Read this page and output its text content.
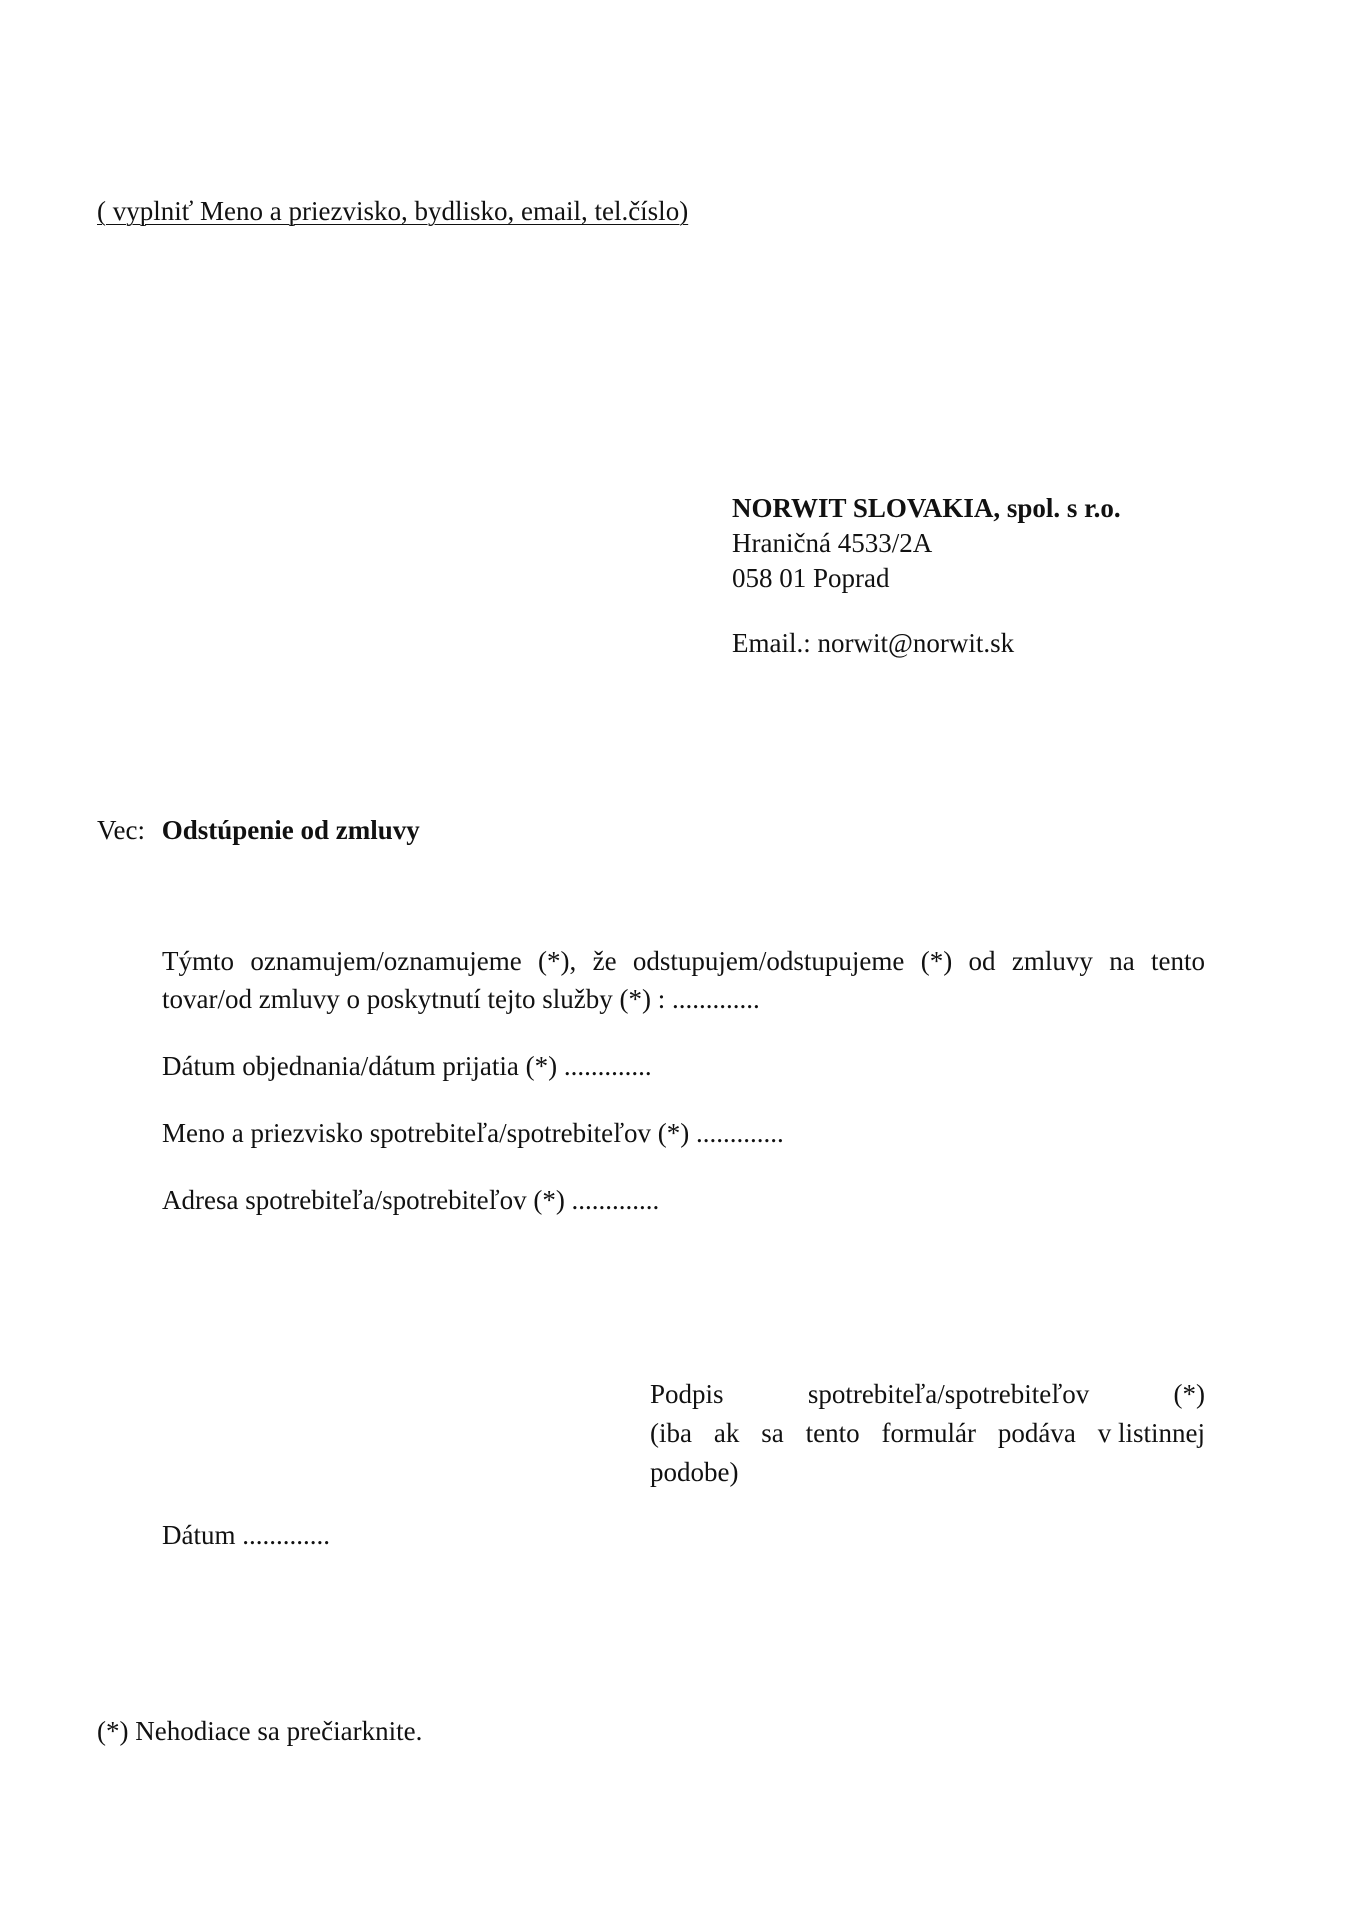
( vyplniť Meno a priezvisko, bydlisko, email, tel.číslo)
NORWIT SLOVAKIA, spol. s r.o.
Hraničná 4533/2A
058 01 Poprad
Email.: norwit@norwit.sk
Vec: Odstúpenie od zmluvy

Týmto oznamujem/oznamujeme (*), že odstupujem/odstupujeme (*) od zmluvy na tento tovar/od zmluvy o poskytnutí tejto služby (*) : .............

Dátum objednania/dátum prijatia (*) .............
Meno a priezvisko spotrebiteľa/spotrebiteľov (*) .............
Adresa spotrebiteľa/spotrebiteľov (*) .............
Podpis	spotrebiteľa/spotrebiteľov	(*)
(iba ak sa tento formulár podáva v listinnej
podobe)
Dátum .............
(*) Nehodiace sa prečiarknite.
